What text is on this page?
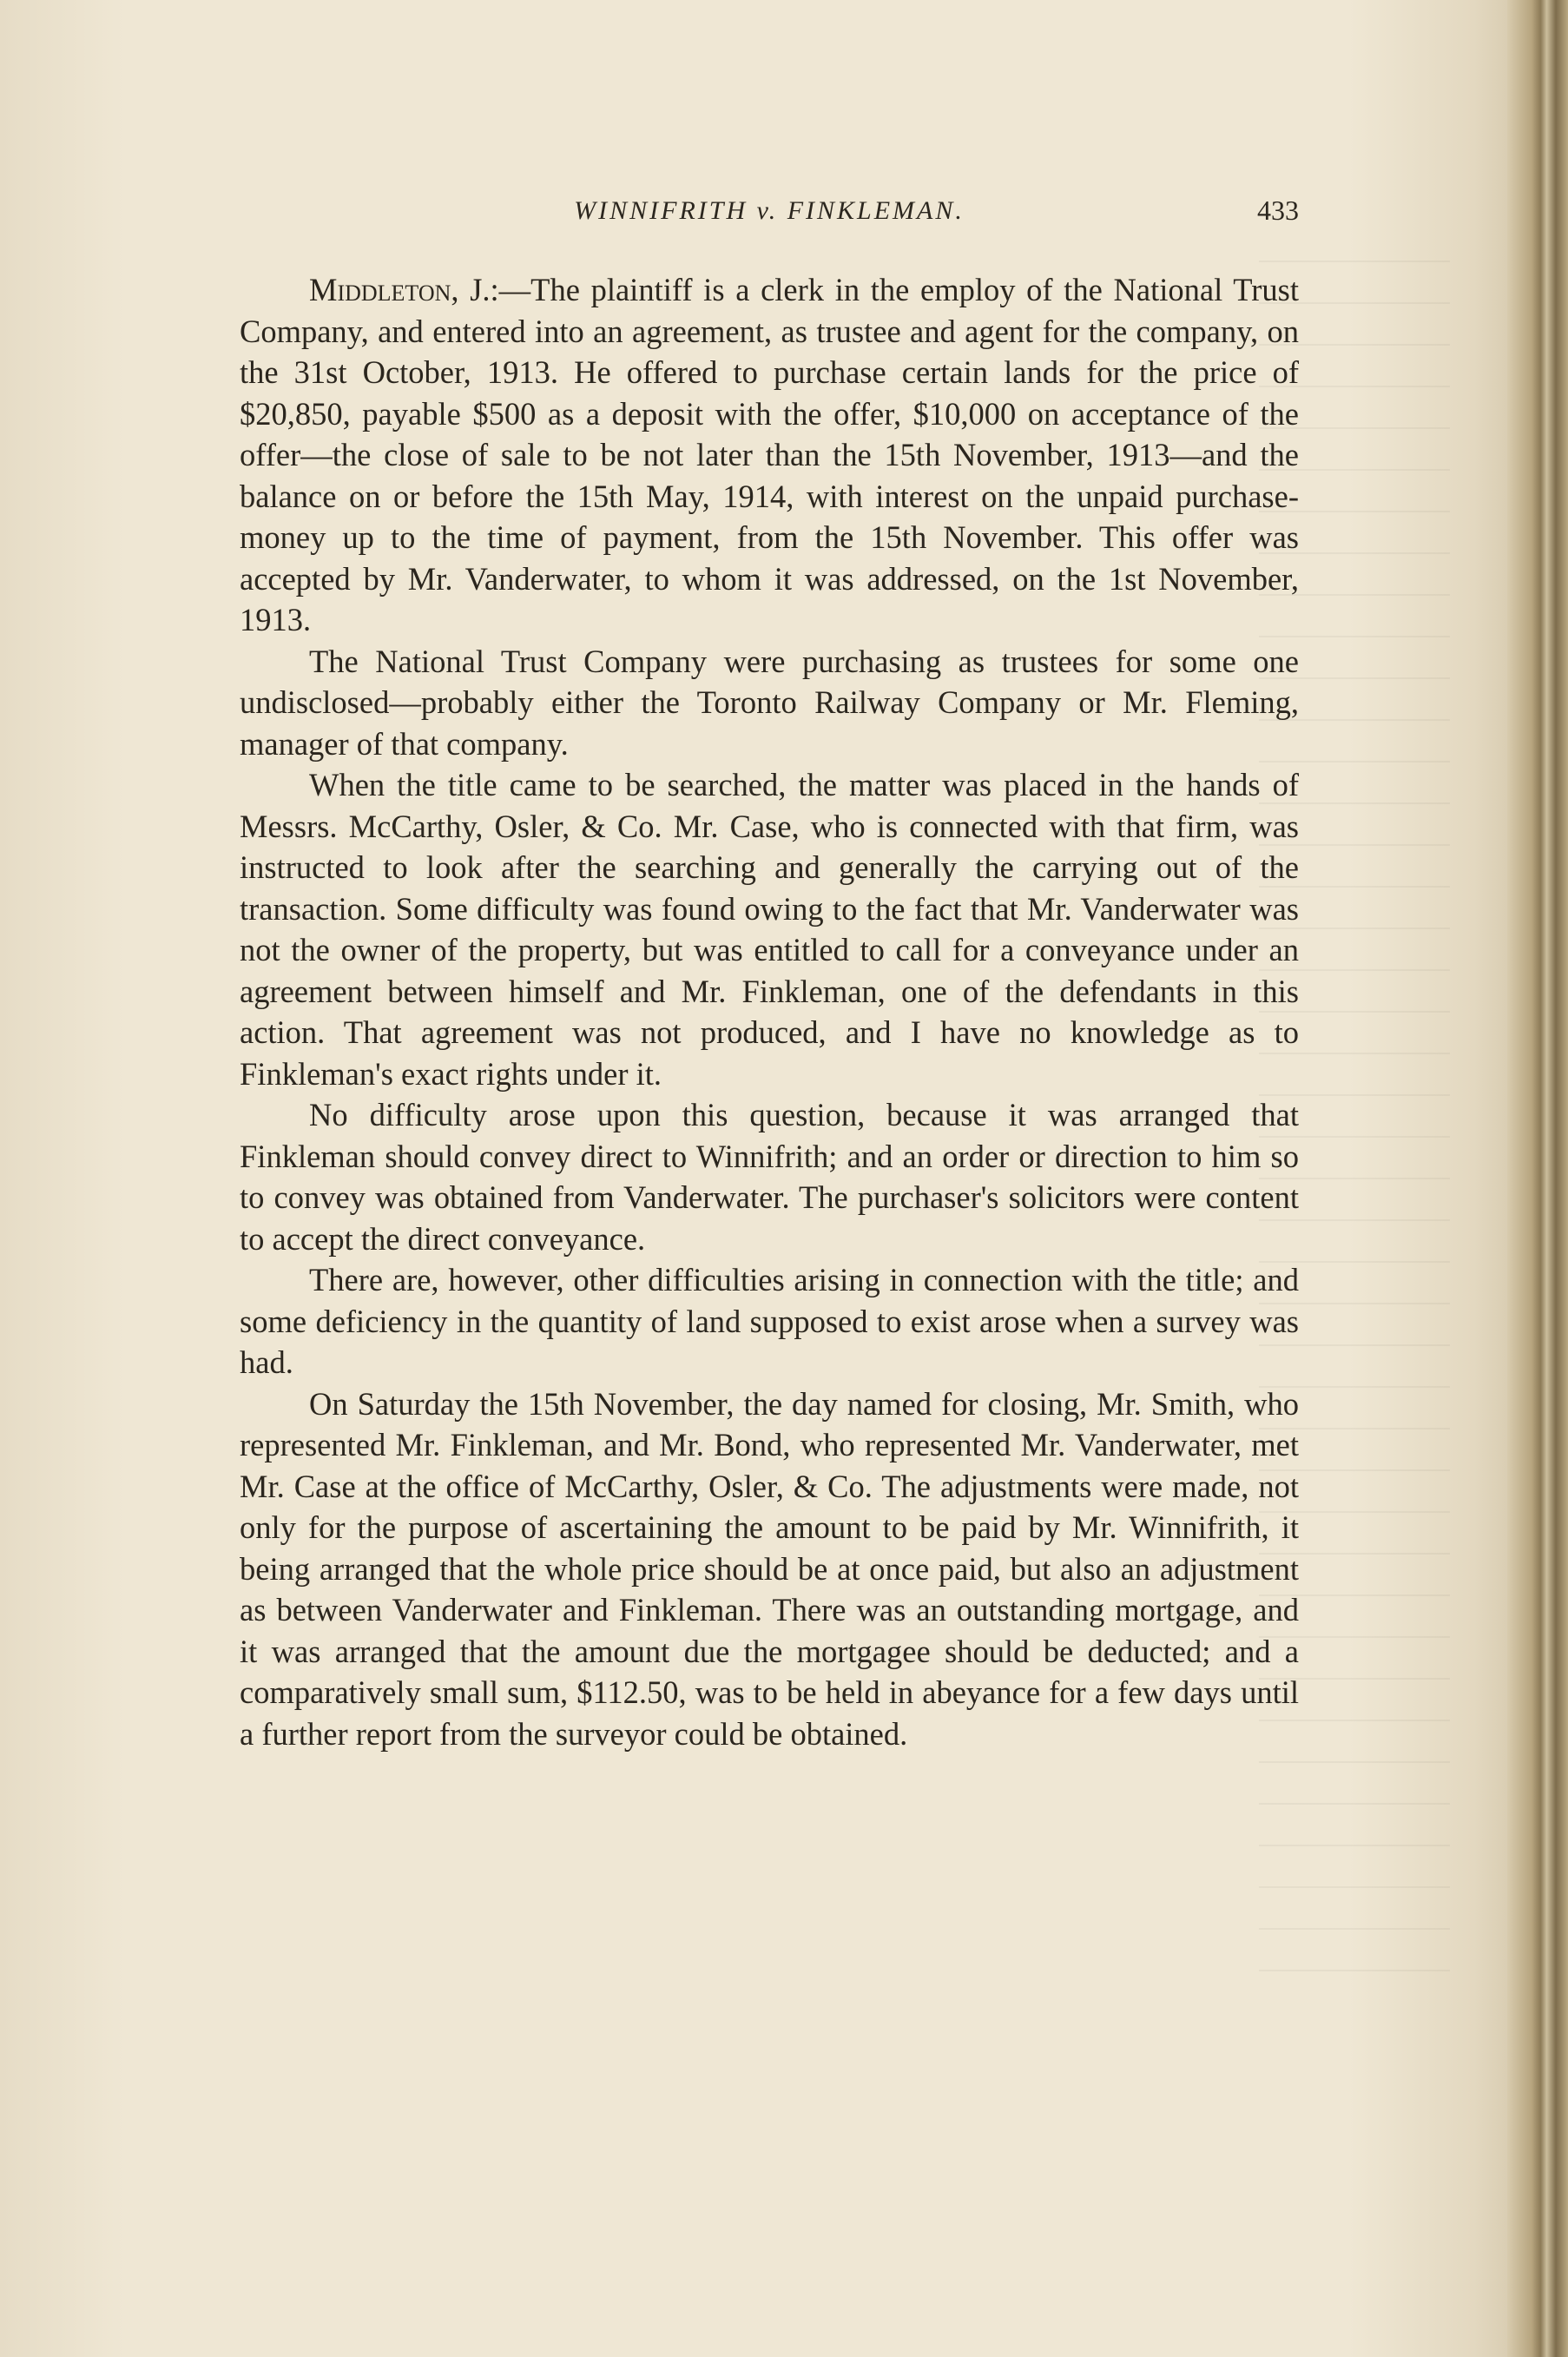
WINNIFRITH v. FINKLEMAN.	433

Middleton, J.:—The plaintiff is a clerk in the employ of the National Trust Company, and entered into an agreement, as trustee and agent for the company, on the 31st October, 1913. He offered to purchase certain lands for the price of $20,850, payable $500 as a deposit with the offer, $10,000 on acceptance of the offer—the close of sale to be not later than the 15th November, 1913—and the balance on or before the 15th May, 1914, with interest on the unpaid purchase-money up to the time of payment, from the 15th November. This offer was accepted by Mr. Vanderwater, to whom it was addressed, on the 1st November, 1913.

The National Trust Company were purchasing as trustees for some one undisclosed—probably either the Toronto Railway Company or Mr. Fleming, manager of that company.

When the title came to be searched, the matter was placed in the hands of Messrs. McCarthy, Osler, & Co. Mr. Case, who is connected with that firm, was instructed to look after the searching and generally the carrying out of the transaction. Some difficulty was found owing to the fact that Mr. Vanderwater was not the owner of the property, but was entitled to call for a conveyance under an agreement between himself and Mr. Finkleman, one of the defendants in this action. That agreement was not produced, and I have no knowledge as to Finkleman's exact rights under it.

No difficulty arose upon this question, because it was arranged that Finkleman should convey direct to Winnifrith; and an order or direction to him so to convey was obtained from Vanderwater. The purchaser's solicitors were content to accept the direct conveyance.

There are, however, other difficulties arising in connection with the title; and some deficiency in the quantity of land supposed to exist arose when a survey was had.

On Saturday the 15th November, the day named for closing, Mr. Smith, who represented Mr. Finkleman, and Mr. Bond, who represented Mr. Vanderwater, met Mr. Case at the office of McCarthy, Osler, & Co. The adjustments were made, not only for the purpose of ascertaining the amount to be paid by Mr. Winnifrith, it being arranged that the whole price should be at once paid, but also an adjustment as between Vanderwater and Finkleman. There was an outstanding mortgage, and it was arranged that the amount due the mortgagee should be deducted; and a comparatively small sum, $112.50, was to be held in abeyance for a few days until a further report from the surveyor could be obtained.
